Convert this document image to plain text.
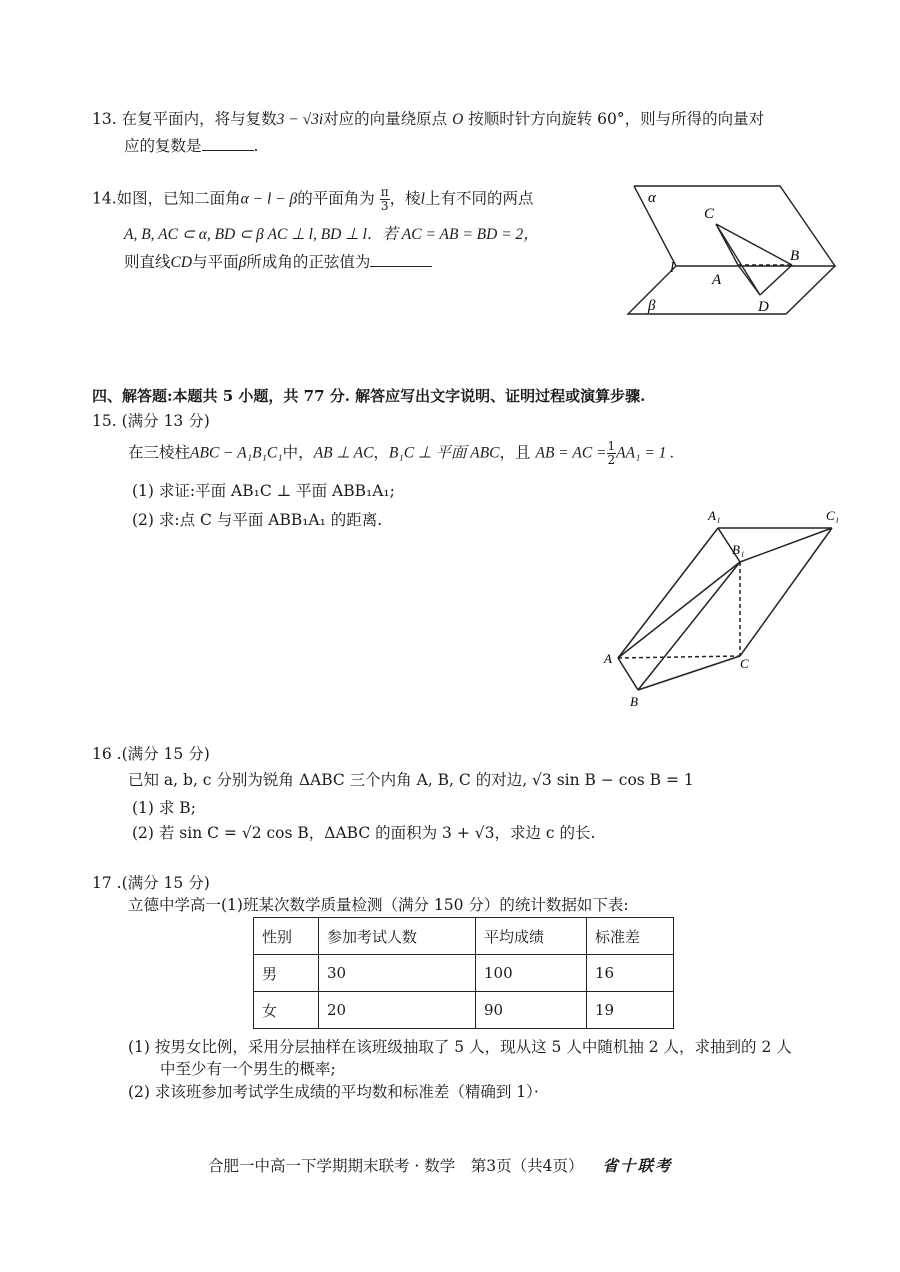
13. 在复平面内，将与复数3 − √3i对应的向量绕原点 O 按顺时针方向旋转 60°，则与所得的向量对
应的复数是	.
14.如图，已知二面角α − l − β的平面角为 $\frac{\pi}{3}$ ，棱l上有不同的两点
A, B, AC ⊂ α, BD ⊂ β AC ⊥ l, BD ⊥ l．若 AC = AB = BD = 2，
则直线CD与平面β所成角的正弦值为
α
β
l
C
A
B
D
四、解答题:本题共 5 小题，共 77 分. 解答应写出文字说明、证明过程或演算步骤.
15. (满分 13 分)
在三棱柱ABC − A₁B₁C₁中，AB ⊥ AC，B₁C ⊥ 平面 ABC，且 AB = AC = $\frac{1}{2} AA_1 = 1$ .
(1) 求证:平面 AB₁C ⊥ 平面 ABB₁A₁;
(2) 求:点 C 与平面 ABB₁A₁ 的距离.	A₁	C₁
B₁
A
B
C
16 .(满分 15 分)
已知 a, b, c 分别为锐角 ΔABC 三个内角 A, B, C 的对边, √3 sin B − cos B = 1
(1) 求 B;
(2) 若 sin C = √2 cos B，ΔABC 的面积为 3 + √3，求边 c 的长.
17 .(满分 15 分)
立德中学高一(1)班某次数学质量检测（满分 150 分）的统计数据如下表:
性别	参加考试人数	平均成绩	标准差
男	30	100	16
女	20	90	19
(1) 按男女比例，采用分层抽样在该班级抽取了 5 人，现从这 5 人中随机抽 2 人，求抽到的 2 人
中至少有一个男生的概率;
(2) 求该班参加考试学生成绩的平均数和标准差（精确到 1）·
合肥一中高一下学期期末联考 · 数学　第3页（共4页） 省十联考
